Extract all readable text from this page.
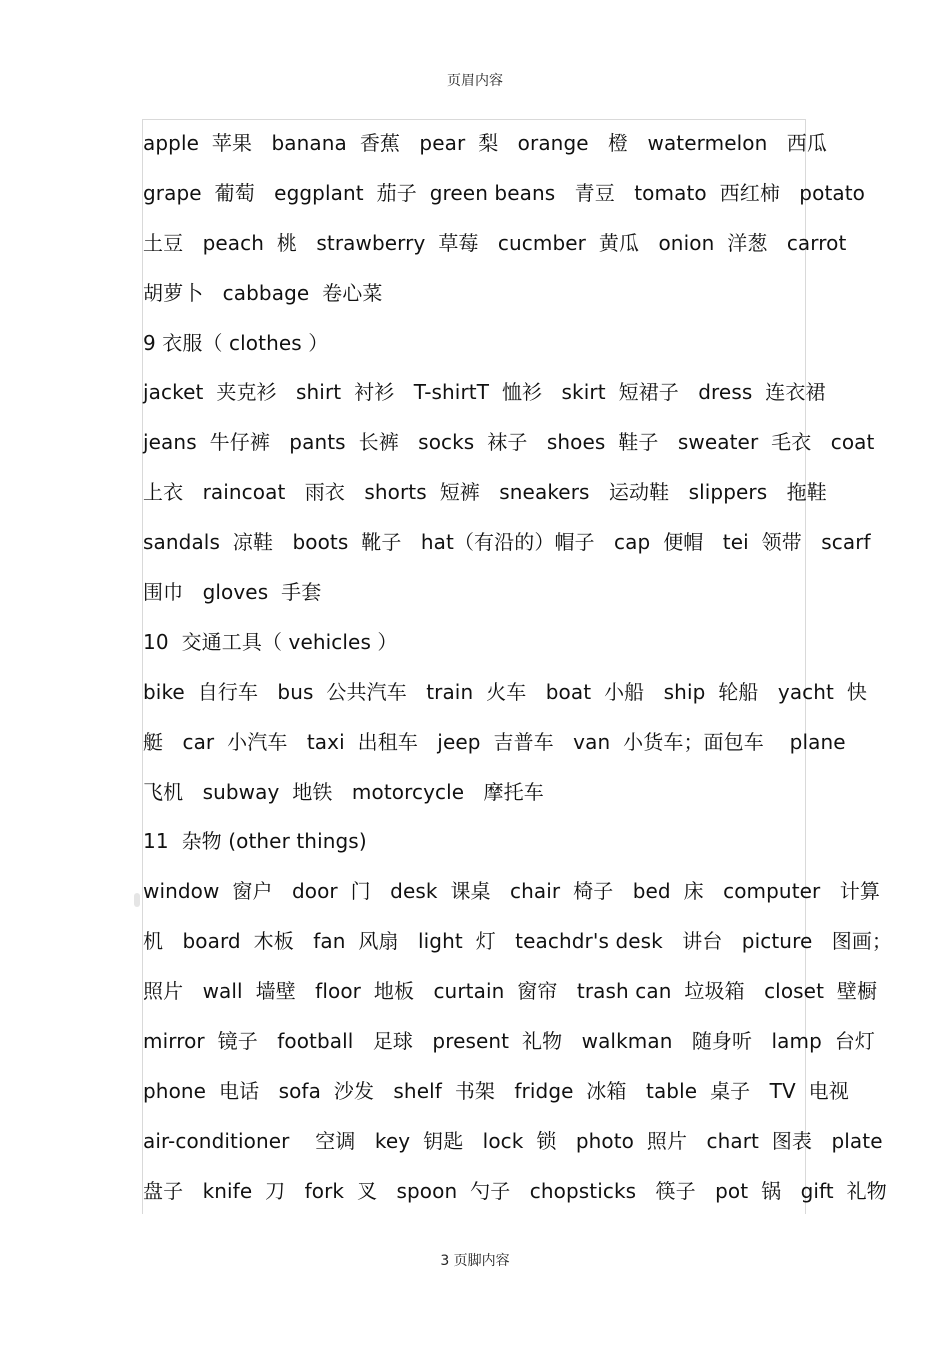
页眉内容
apple  苹果   banana  香蕉   pear  梨   orange   橙   watermelon   西瓜
grape  葡萄   eggplant  茄子  green beans   青豆   tomato  西红柿   potato
土豆   peach  桃   strawberry  草莓   cucmber  黄瓜   onion  洋葱   carrot
胡萝卜   cabbage  卷心菜
9 衣服（ clothes ）
jacket  夹克衫   shirt  衬衫   T-shirtT  恤衫   skirt  短裙子   dress  连衣裙
jeans  牛仔裤   pants  长裤   socks  袜子   shoes  鞋子   sweater  毛衣   coat
上衣   raincoat   雨衣   shorts  短裤   sneakers   运动鞋   slippers   拖鞋
sandals  凉鞋   boots  靴子   hat（有沿的）帽子   cap  便帽   tei  领带   scarf
围巾   gloves  手套
10  交通工具（ vehicles ）
bike  自行车   bus  公共汽车   train  火车   boat  小船   ship  轮船   yacht  快
艇   car  小汽车   taxi  出租车   jeep  吉普车   van  小货车；面包车    plane
飞机   subway  地铁   motorcycle   摩托车
11  杂物 (other things)
window  窗户   door  门   desk  课桌   chair  椅子   bed  床   computer   计算
机   board  木板   fan  风扇   light  灯   teachdr's desk   讲台   picture   图画；
照片   wall  墙壁   floor  地板   curtain  窗帘   trash can  垃圾箱   closet  壁橱
mirror  镜子   football   足球   present  礼物   walkman   随身听   lamp  台灯
phone  电话   sofa  沙发   shelf  书架   fridge  冰箱   table  桌子   TV  电视
air-conditioner    空调   key  钥匙   lock  锁   photo  照片   chart  图表   plate
盘子   knife  刀   fork  叉   spoon  勺子   chopsticks   筷子   pot  锅   gift  礼物
3 页脚内容
